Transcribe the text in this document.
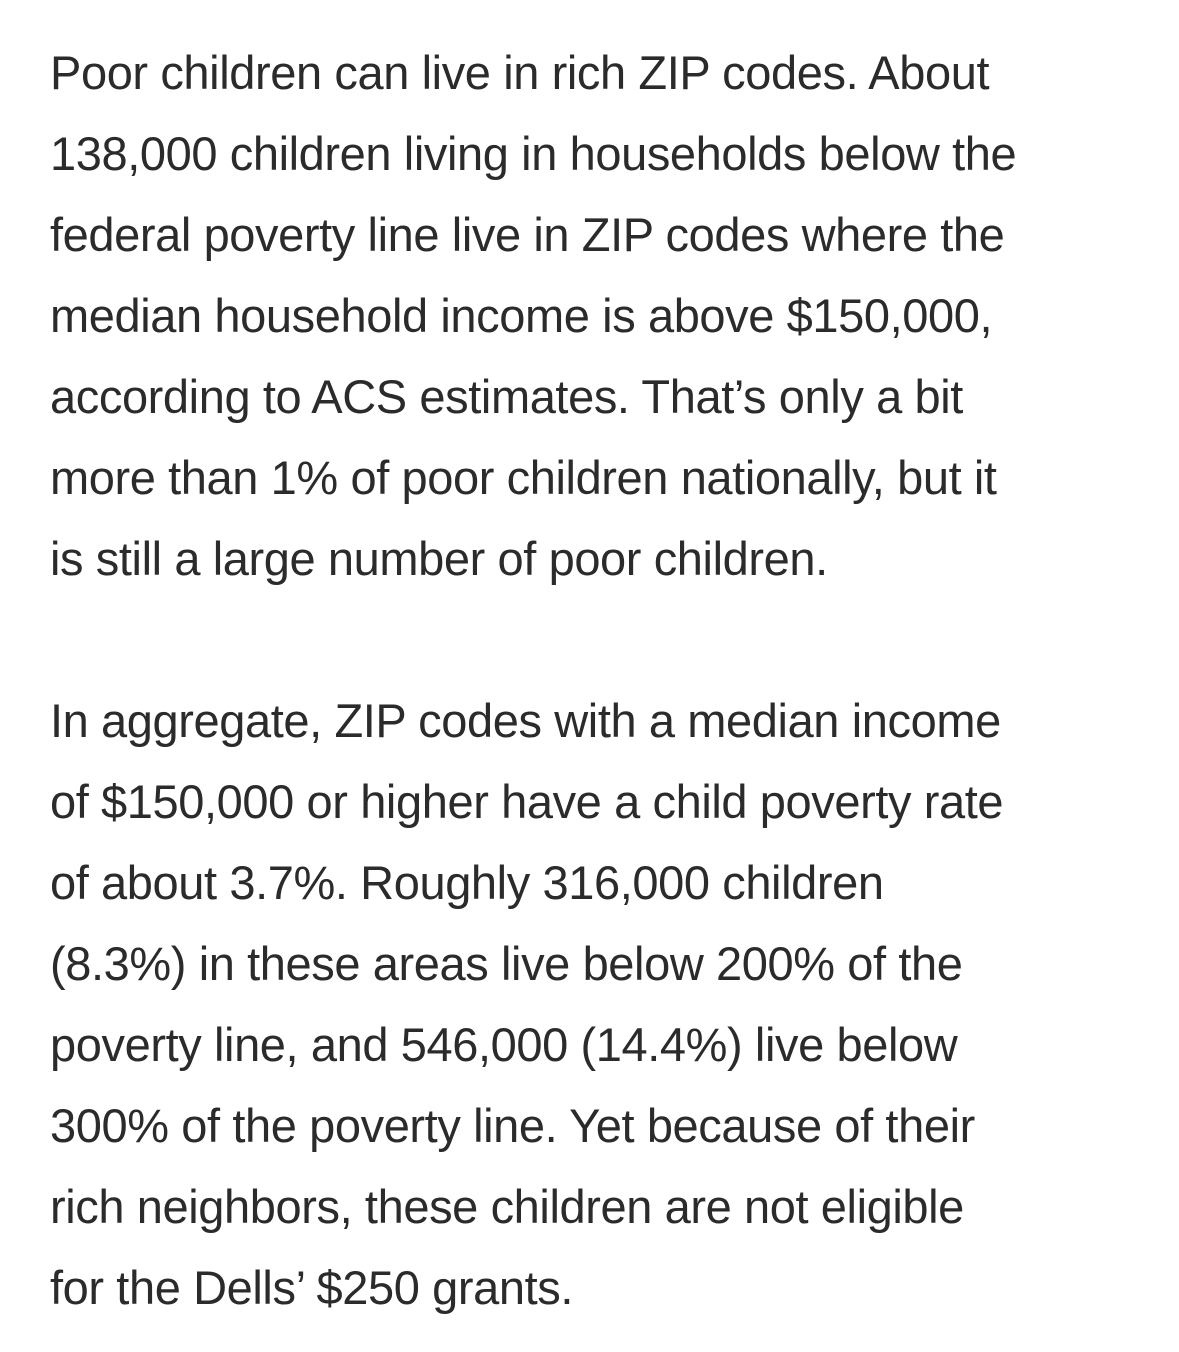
Poor children can live in rich ZIP codes. About
138,000 children living in households below the
federal poverty line live in ZIP codes where the
median household income is above $150,000,
according to ACS estimates. That’s only a bit
more than 1% of poor children nationally, but it
is still a large number of poor children.

In aggregate, ZIP codes with a median income
of $150,000 or higher have a child poverty rate
of about 3.7%. Roughly 316,000 children
(8.3%) in these areas live below 200% of the
poverty line, and 546,000 (14.4%) live below
300% of the poverty line. Yet because of their
rich neighbors, these children are not eligible
for the Dells’ $250 grants.
